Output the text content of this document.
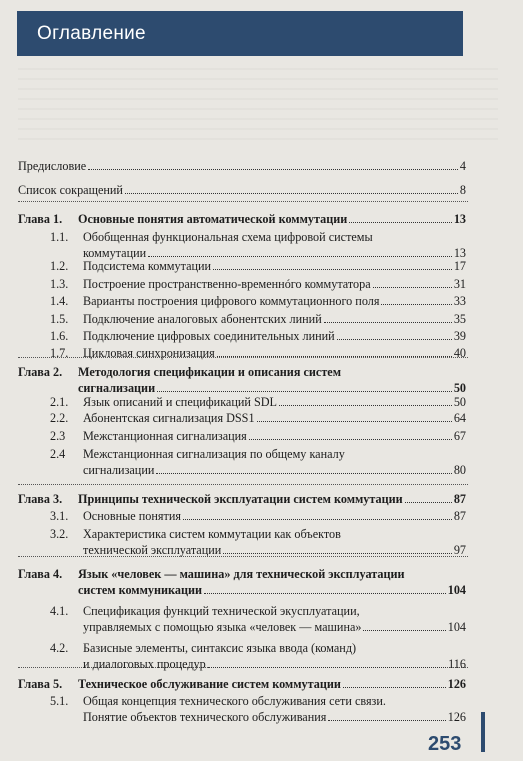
Оглавление
Предисловие	4
Список сокращений	8
Глава 1. Основные понятия автоматической коммутации	13
1.1. Обобщенная функциональная схема цифровой системы
коммутации	13
1.2. Подсистема коммутации	17
1.3. Построение пространственно-временнóго коммутатора	31
1.4. Варианты построения цифрового коммутационного поля	33
1.5. Подключение аналоговых абонентских линий	35
1.6. Подключение цифровых соединительных линий	39
1.7. Цикловая синхронизация	40
Глава 2. Методология спецификации и описания систем
сигнализации	50
2.1. Язык описаний и спецификаций SDL	50
2.2. Абонентская сигнализация DSS1	64
2.3 Межстанционная сигнализация	67
2.4 Межстанционная сигнализация по общему каналу
сигнализации	80
Глава 3. Принципы технической эксплуатации систем коммутации	87
3.1. Основные понятия	87
3.2. Характеристика систем коммутации как объектов
технической эксплуатации	97
Глава 4. Язык «человек — машина» для технической эксплуатации
систем коммуникации	104
4.1. Спецификация функций технической экусплуатации,
управляемых с помощью языка «человек — машина»	104
4.2. Базисные элементы, синтаксис языка ввода (команд)
и диалоговых процедур	116
Глава 5. Техническое обслуживание систем коммутации	126
5.1. Общая концепция технического обслуживания сети связи.
Понятие объектов технического обслуживания	126
253
